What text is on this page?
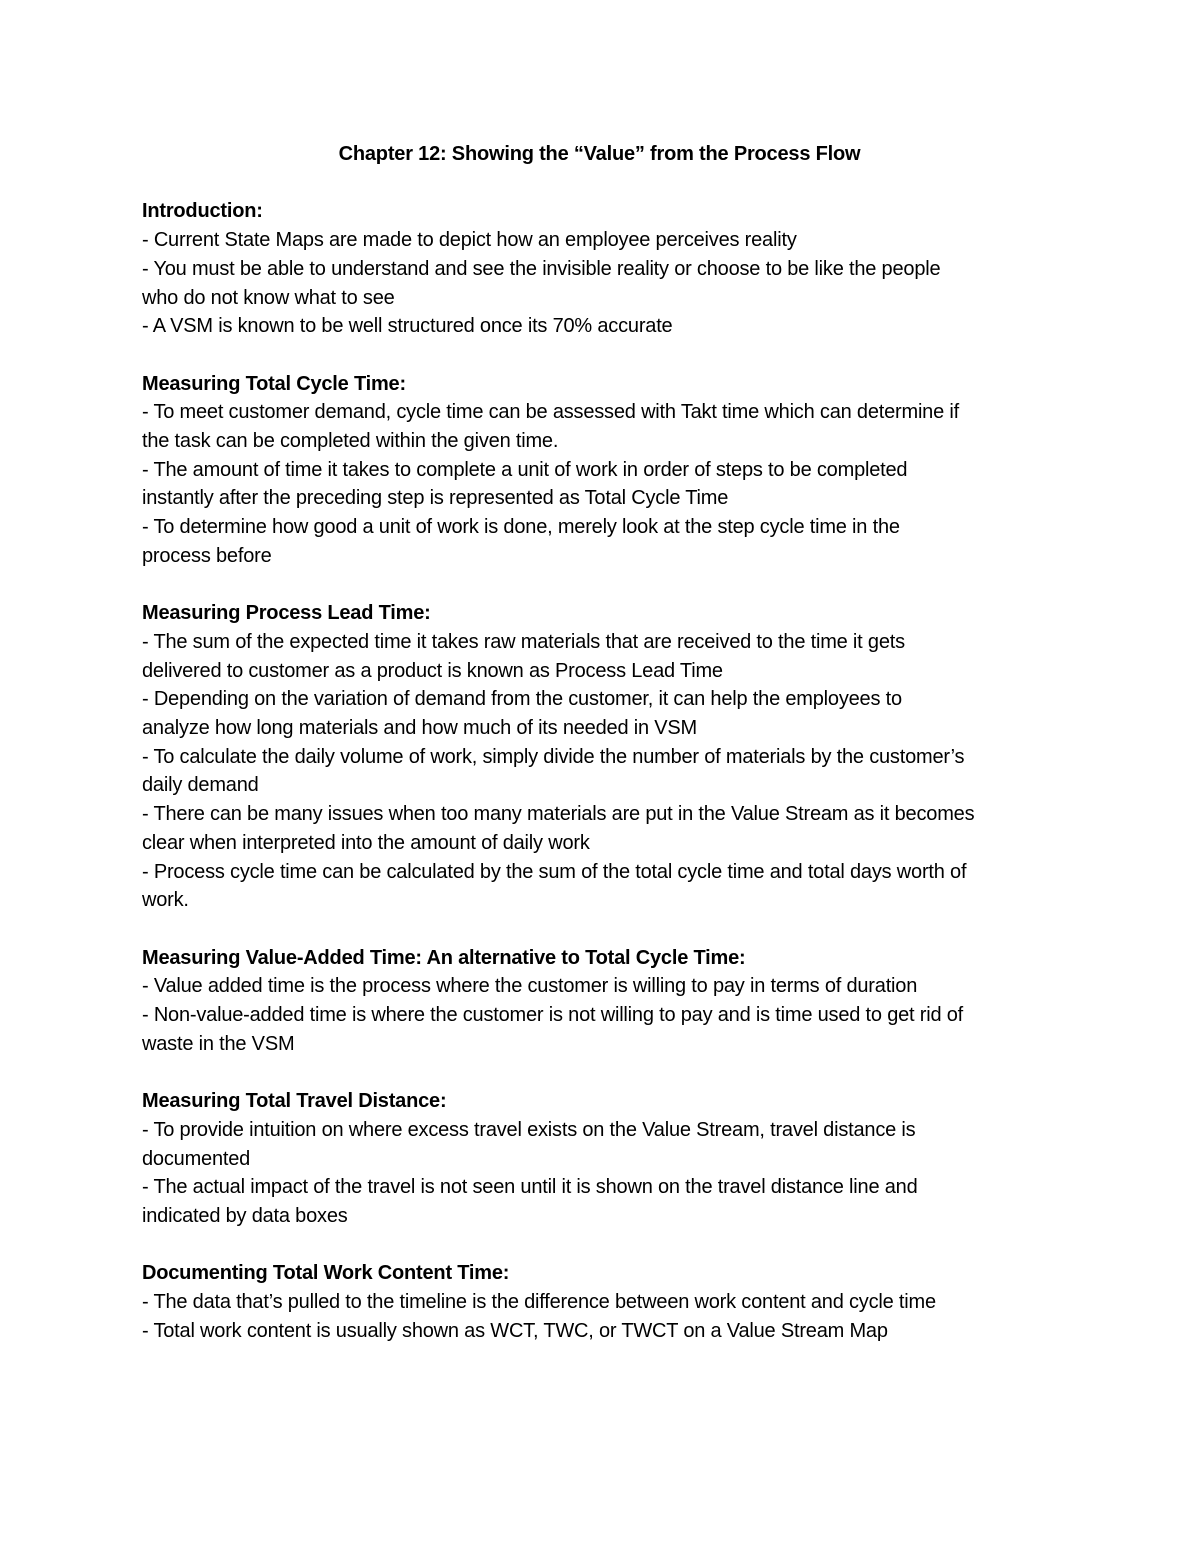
Chapter 12: Showing the “Value” from the Process Flow
Introduction:
- Current State Maps are made to depict how an employee perceives reality
- You must be able to understand and see the invisible reality or choose to be like the people
who do not know what to see
- A VSM is known to be well structured once its 70% accurate
Measuring Total Cycle Time:
- To meet customer demand, cycle time can be assessed with Takt time which can determine if
the task can be completed within the given time.
- The amount of time it takes to complete a unit of work in order of steps to be completed
instantly after the preceding step is represented as Total Cycle Time
- To determine how good a unit of work is done, merely look at the step cycle time in the
process before
Measuring Process Lead Time:
- The sum of the expected time it takes raw materials that are received to the time it gets
delivered to customer as a product is known as Process Lead Time
- Depending on the variation of demand from the customer, it can help the employees to
analyze how long materials and how much of its needed in VSM
- To calculate the daily volume of work, simply divide the number of materials by the customer’s
daily demand
- There can be many issues when too many materials are put in the Value Stream as it becomes
clear when interpreted into the amount of daily work
- Process cycle time can be calculated by the sum of the total cycle time and total days worth of
work.
Measuring Value-Added Time: An alternative to Total Cycle Time:
- Value added time is the process where the customer is willing to pay in terms of duration
- Non-value-added time is where the customer is not willing to pay and is time used to get rid of
waste in the VSM
Measuring Total Travel Distance:
- To provide intuition on where excess travel exists on the Value Stream, travel distance is
documented
- The actual impact of the travel is not seen until it is shown on the travel distance line and
indicated by data boxes
Documenting Total Work Content Time:
- The data that’s pulled to the timeline is the difference between work content and cycle time
- Total work content is usually shown as WCT, TWC, or TWCT on a Value Stream Map
